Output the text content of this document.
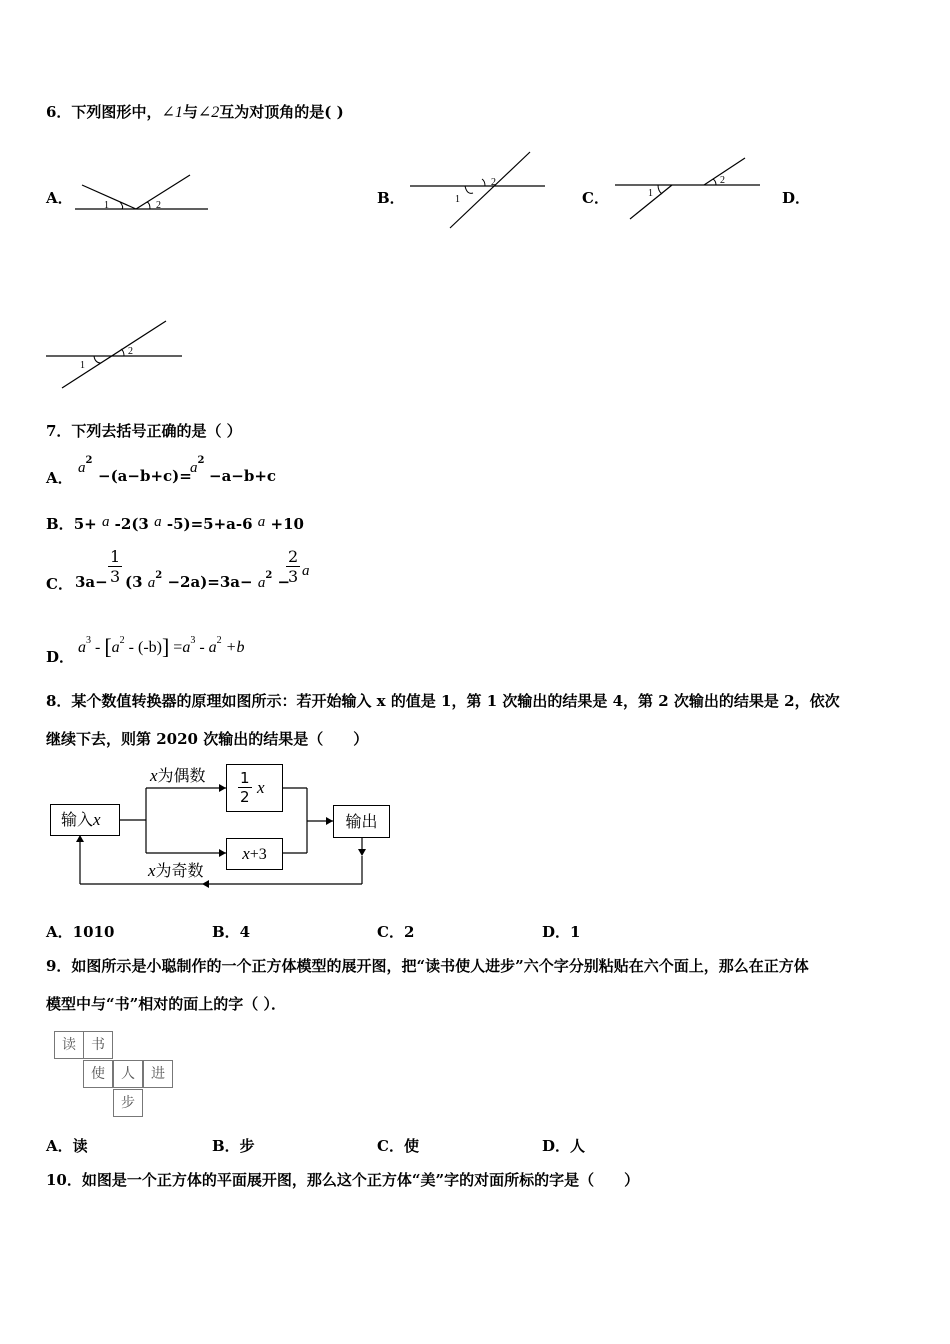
6．下列图形中，∠1与∠2互为对顶角的是( )
A．	1	2	B．	1
2
C．	1
2
D．
1
2
7．下列去括号正确的是（ ）
A．
$a^2$
−(a−b+c)=
$a^2$
−a−b+c
B．5+ a -2(3 a -5)=5+a-6 a +10
C． $3a- \frac{1}{3} (3$ $a^2 -2a)=3a- a^2$ −
$\frac{2}{3}$ a
D．
$a^3 - [a^2 - (-b)] =a^3 - a^2 +b$
8．某个数值转换器的原理如图所示：若开始输入 x 的值是 1，第 1 次输出的结果是 4，第 2 次输出的结果是 2，依次
继续下去，则第 2020 次输出的结果是（　　）
输入x
x为偶数
x为奇数
$\frac{1}{2}$ x
x+3
输出
A．1010	B．4	C．2	D．1
9．如图所示是小聪制作的一个正方体模型的展开图，把“读书使人进步”六个字分别粘贴在六个面上，那么在正方体
模型中与“书”相对的面上的字（ ）．
读	书
使	人	进
步
A．读	B．步	C．使	D．人
10．如图是一个正方体的平面展开图，那么这个正方体“美”字的对面所标的字是（　　）
